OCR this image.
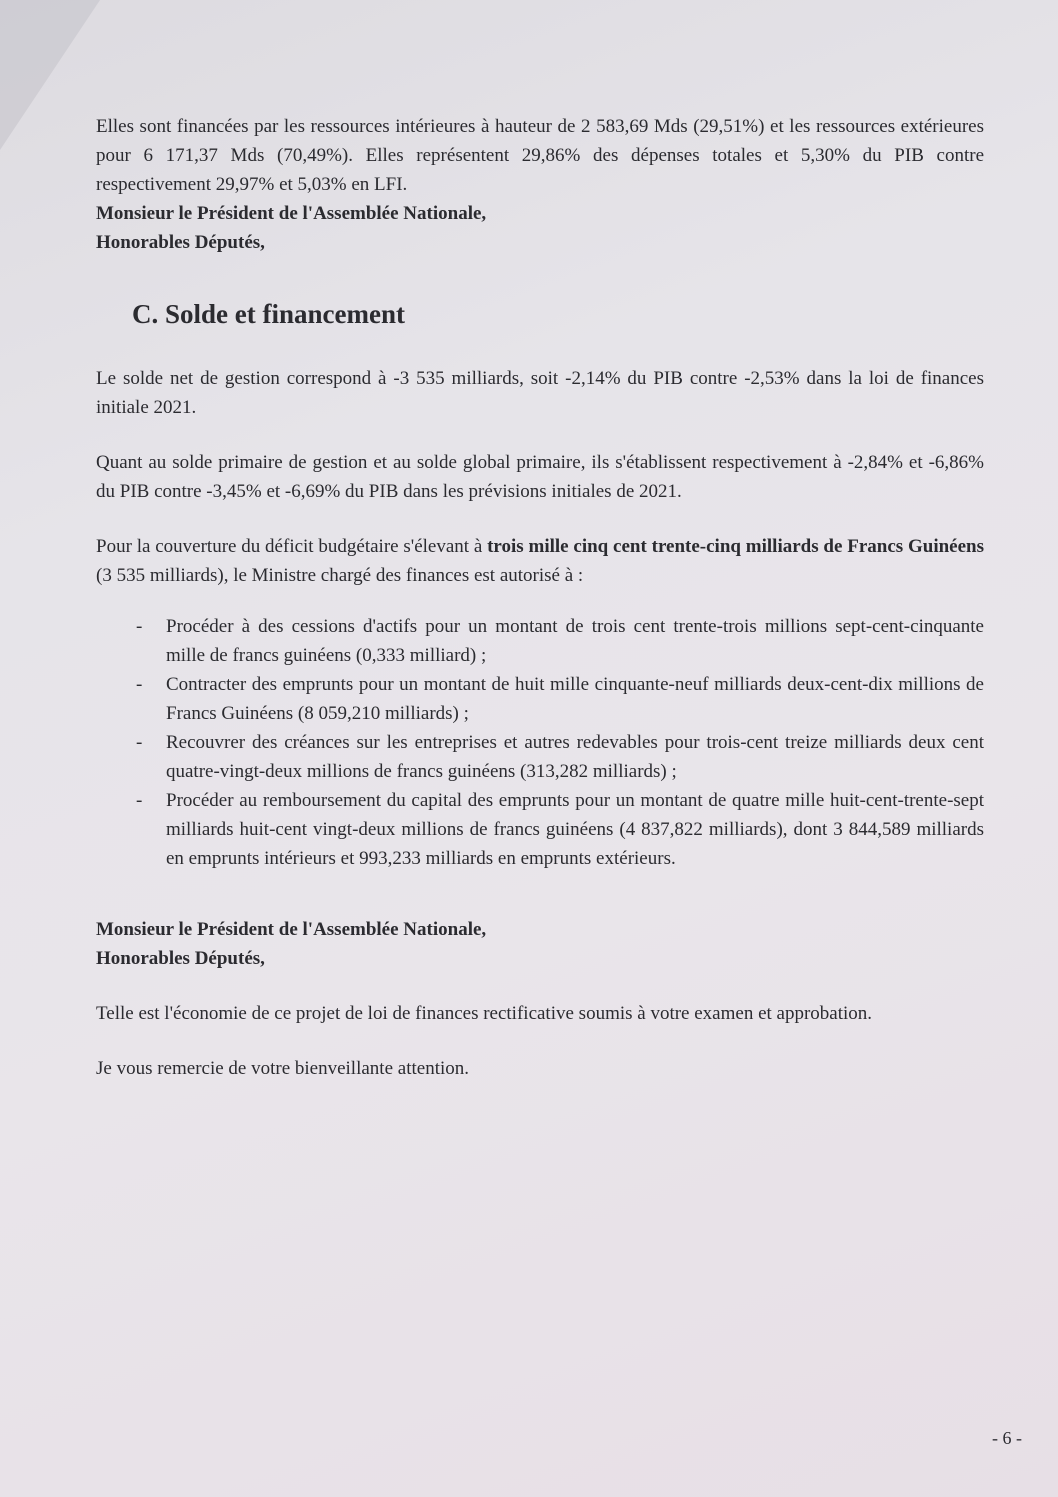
Elles sont financées par les ressources intérieures à hauteur de 2 583,69 Mds (29,51%) et les ressources extérieures pour 6 171,37 Mds (70,49%). Elles représentent 29,86% des dépenses totales et 5,30% du PIB contre respectivement 29,97% et 5,03% en LFI.

Monsieur le Président de l'Assemblée Nationale,

Honorables Députés,

C. Solde et financement

Le solde net de gestion correspond à -3 535 milliards, soit -2,14% du PIB contre -2,53% dans la loi de finances initiale 2021.

Quant au solde primaire de gestion et au solde global primaire, ils s'établissent respectivement à -2,84% et -6,86% du PIB contre -3,45% et -6,69% du PIB dans les prévisions initiales de 2021.

Pour la couverture du déficit budgétaire s'élevant à trois mille cinq cent trente-cinq milliards de Francs Guinéens (3 535 milliards), le Ministre chargé des finances est autorisé à :

- Procéder à des cessions d'actifs pour un montant de trois cent trente-trois millions sept-cent-cinquante mille de francs guinéens (0,333 milliard) ;
- Contracter des emprunts pour un montant de huit mille cinquante-neuf milliards deux-cent-dix millions de Francs Guinéens (8 059,210 milliards) ;
- Recouvrer des créances sur les entreprises et autres redevables pour trois-cent treize milliards deux cent quatre-vingt-deux millions de francs guinéens (313,282 milliards) ;
- Procéder au remboursement du capital des emprunts pour un montant de quatre mille huit-cent-trente-sept milliards huit-cent vingt-deux millions de francs guinéens (4 837,822 milliards), dont 3 844,589 milliards en emprunts intérieurs et 993,233 milliards en emprunts extérieurs.

Monsieur le Président de l'Assemblée Nationale,

Honorables Députés,

Telle est l'économie de ce projet de loi de finances rectificative soumis à votre examen et approbation.

Je vous remercie de votre bienveillante attention.

- 6 -
